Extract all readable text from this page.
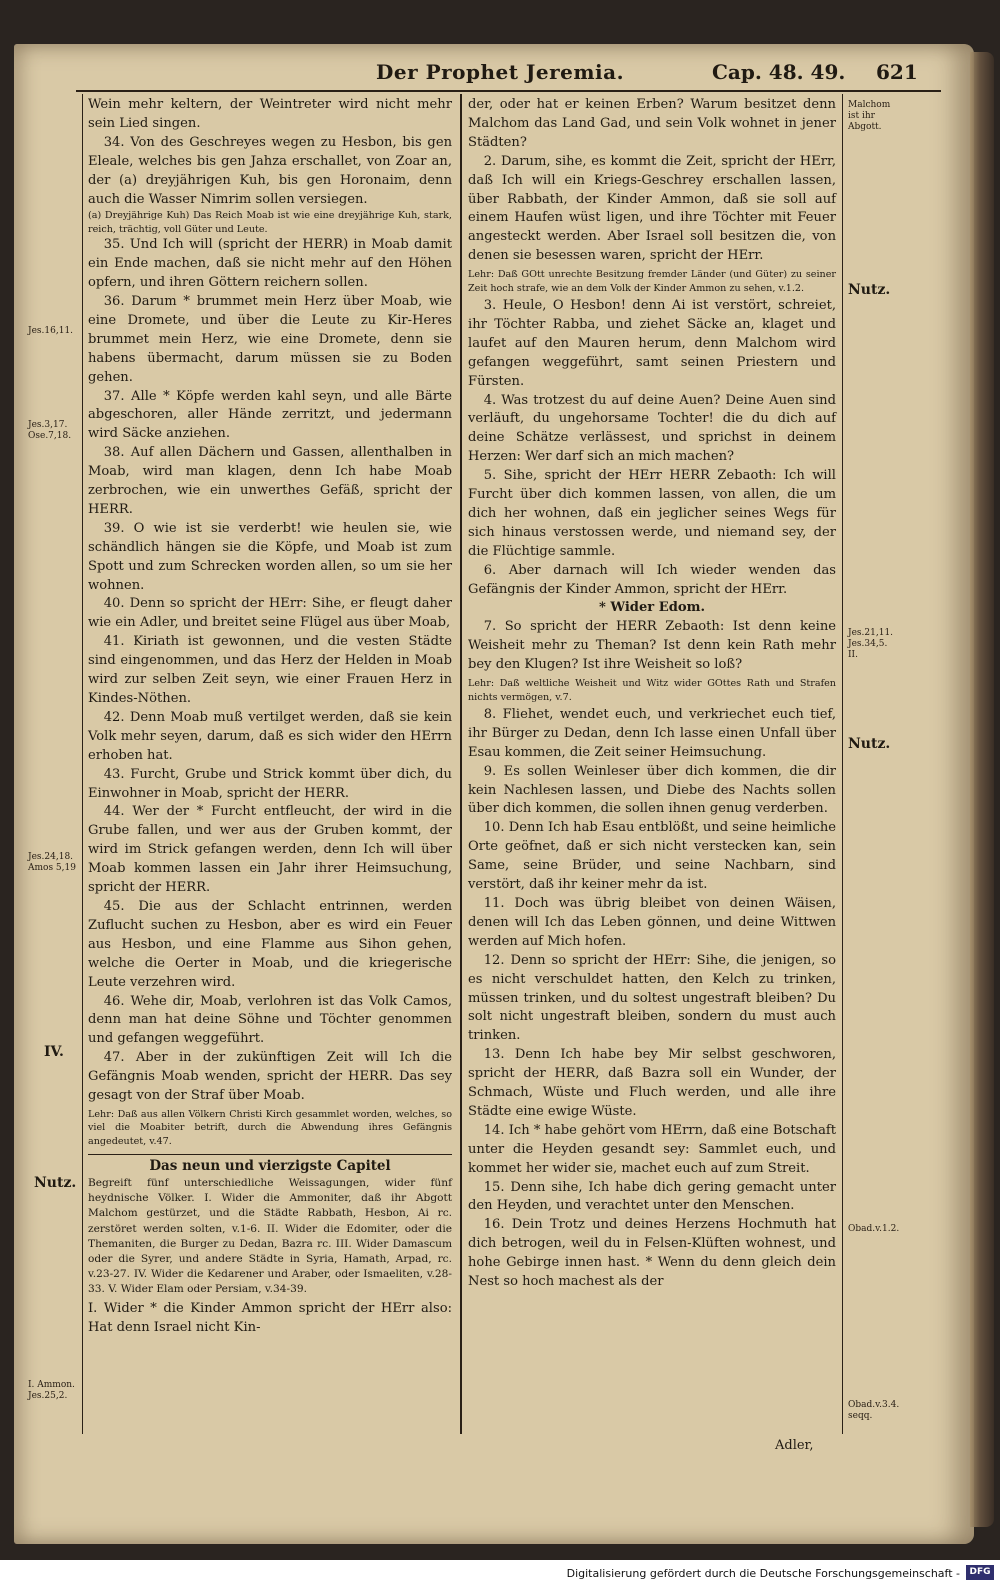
Der Prophet Jeremia.	Cap. 48. 49. 621

Wein mehr keltern, der Weintreter wird nicht mehr sein Lied singen.

34. Von des Geschreyes wegen zu Hesbon, bis gen Eleale, welches bis gen Jahza erschallet, von Zoar an, der (a) dreyjährigen Kuh, bis gen Horonaim, denn auch die Wasser Nimrim sollen versiegen.

(a) Dreyjährige Kuh) Das Reich Moab ist wie eine dreyjährige Kuh, stark, reich, trächtig, voll Güter und Leute.

35. Und Ich will (spricht der HERR) in Moab damit ein Ende machen, daß sie nicht mehr auf den Höhen opfern, und ihren Göttern reichern sollen.

36. Darum * brummet mein Herz über Moab, wie eine Dromete, und über die Leute zu Kir-Heres brummet mein Herz, wie eine Dromete, denn sie habens übermacht, darum müssen sie zu Boden gehen.

37. Alle * Köpfe werden kahl seyn, und alle Bärte abgeschoren, aller Hände zerritzt, und jedermann wird Säcke anziehen.

38. Auf allen Dächern und Gassen, allenthalben in Moab, wird man klagen, denn Ich habe Moab zerbrochen, wie ein unwerthes Gefäß, spricht der HERR.

39. O wie ist sie verderbt! wie heulen sie, wie schändlich hängen sie die Köpfe, und Moab ist zum Spott und zum Schrecken worden allen, so um sie her wohnen.

40. Denn so spricht der HErr: Sihe, er fleugt daher wie ein Adler, und breitet seine Flügel aus über Moab,

41. Kiriath ist gewonnen, und die vesten Städte sind eingenommen, und das Herz der Helden in Moab wird zur selben Zeit seyn, wie einer Frauen Herz in Kindes-Nöthen.

42. Denn Moab muß vertilget werden, daß sie kein Volk mehr seyen, darum, daß es sich wider den HErrn erhoben hat.

43. Furcht, Grube und Strick kommt über dich, du Einwohner in Moab, spricht der HERR.

44. Wer der * Furcht entfleucht, der wird in die Grube fallen, und wer aus der Gruben kommt, der wird im Strick gefangen werden, denn Ich will über Moab kommen lassen ein Jahr ihrer Heimsuchung, spricht der HERR.

45. Die aus der Schlacht entrinnen, werden Zuflucht suchen zu Hesbon, aber es wird ein Feuer aus Hesbon, und eine Flamme aus Sihon gehen, welche die Oerter in Moab, und die kriegerische Leute verzehren wird.

46. Wehe dir, Moab, verlohren ist das Volk Camos, denn man hat deine Söhne und Töchter genommen und gefangen weggeführt.

47. Aber in der zukünftigen Zeit will Ich die Gefängnis Moab wenden, spricht der HERR. Das sey gesagt von der Straf über Moab.

Lehr: Daß aus allen Völkern Christi Kirch gesammlet worden, welches, so viel die Moabiter betrift, durch die Abwendung ihres Gefängnis angedeutet, v.47.

Das neun und vierzigste Capitel
Begreift fünf unterschiedliche Weissagungen, wider fünf heydnische Völker. I. Wider die Ammoniter, daß ihr Abgott Malchom gestürzet, und die Städte Rabbath, Hesbon, Ai rc. zerstöret werden solten, v.1-6. II. Wider die Edomiter, oder die Themaniten, die Burger zu Dedan, Bazra rc. III. Wider Damascum oder die Syrer, und andere Städte in Syria, Hamath, Arpad, rc. v.23-27. IV. Wider die Kedarener und Araber, oder Ismaeliten, v.28-33. V. Wider Elam oder Persiam, v.34-39.

I. Wider * die Kinder Ammon spricht der HErr also: Hat denn Israel nicht Kin-

der, oder hat er keinen Erben? Warum besitzet denn Malchom das Land Gad, und sein Volk wohnet in jener Städten?

2. Darum, sihe, es kommt die Zeit, spricht der HErr, daß Ich will ein Kriegs-Geschrey erschallen lassen, über Rabbath, der Kinder Ammon, daß sie soll auf einem Haufen wüst ligen, und ihre Töchter mit Feuer angesteckt werden. Aber Israel soll besitzen die, von denen sie besessen waren, spricht der HErr.

Lehr: Daß GOtt unrechte Besitzung fremder Länder (und Güter) zu seiner Zeit hoch strafe, wie an dem Volk der Kinder Ammon zu sehen, v.1.2.

3. Heule, O Hesbon! denn Ai ist verstört, schreiet, ihr Töchter Rabba, und ziehet Säcke an, klaget und laufet auf den Mauren herum, denn Malchom wird gefangen weggeführt, samt seinen Priestern und Fürsten.

4. Was trotzest du auf deine Auen? Deine Auen sind verläuft, du ungehorsame Tochter! die du dich auf deine Schätze verlässest, und sprichst in deinem Herzen: Wer darf sich an mich machen?

5. Sihe, spricht der HErr HERR Zebaoth: Ich will Furcht über dich kommen lassen, von allen, die um dich her wohnen, daß ein jeglicher seines Wegs für sich hinaus verstossen werde, und niemand sey, der die Flüchtige sammle.

6. Aber darnach will Ich wieder wenden das Gefängnis der Kinder Ammon, spricht der HErr.

* Wider Edom.

7. So spricht der HERR Zebaoth: Ist denn keine Weisheit mehr zu Theman? Ist denn kein Rath mehr bey den Klugen? Ist ihre Weisheit so loß?

Lehr: Daß weltliche Weisheit und Witz wider GOttes Rath und Strafen nichts vermögen, v.7.

8. Fliehet, wendet euch, und verkriechet euch tief, ihr Bürger zu Dedan, denn Ich lasse einen Unfall über Esau kommen, die Zeit seiner Heimsuchung.

9. Es sollen Weinleser über dich kommen, die dir kein Nachlesen lassen, und Diebe des Nachts sollen über dich kommen, die sollen ihnen genug verderben.

10. Denn Ich hab Esau entblößt, und seine heimliche Orte geöfnet, daß er sich nicht verstecken kan, sein Same, seine Brüder, und seine Nachbarn, sind verstört, daß ihr keiner mehr da ist.

11. Doch was übrig bleibet von deinen Wäisen, denen will Ich das Leben gönnen, und deine Wittwen werden auf Mich hofen.

12. Denn so spricht der HErr: Sihe, die jenigen, so es nicht verschuldet hatten, den Kelch zu trinken, müssen trinken, und du soltest ungestraft bleiben? Du solt nicht ungestraft bleiben, sondern du must auch trinken.

13. Denn Ich habe bey Mir selbst geschworen, spricht der HERR, daß Bazra soll ein Wunder, der Schmach, Wüste und Fluch werden, und alle ihre Städte eine ewige Wüste.

14. Ich * habe gehört vom HErrn, daß eine Botschaft unter die Heyden gesandt sey: Sammlet euch, und kommet her wider sie, machet euch auf zum Streit.

15. Denn sihe, Ich habe dich gering gemacht unter den Heyden, und verachtet unter den Menschen.

16. Dein Trotz und deines Herzens Hochmuth hat dich betrogen, weil du in Felsen-Klüften wohnest, und hohe Gebirge innen hast. * Wenn du denn gleich dein Nest so hoch machest als der

Adler,
Jes.16,11.
Jes.3,17. Ose.7,18.
Jes.24,18. Amos 5,19
IV.
Nutz.
I. Ammon. Jes.25,2.
Malchom ist ihr Abgott.
Nutz.
Jes.21,11. Jes.34,5. II.
Nutz.
Obad.v.1.2.
Obad.v.3.4. seqq.
Digitalisierung gefördert durch die Deutsche Forschungsgemeinschaft -	DFG
